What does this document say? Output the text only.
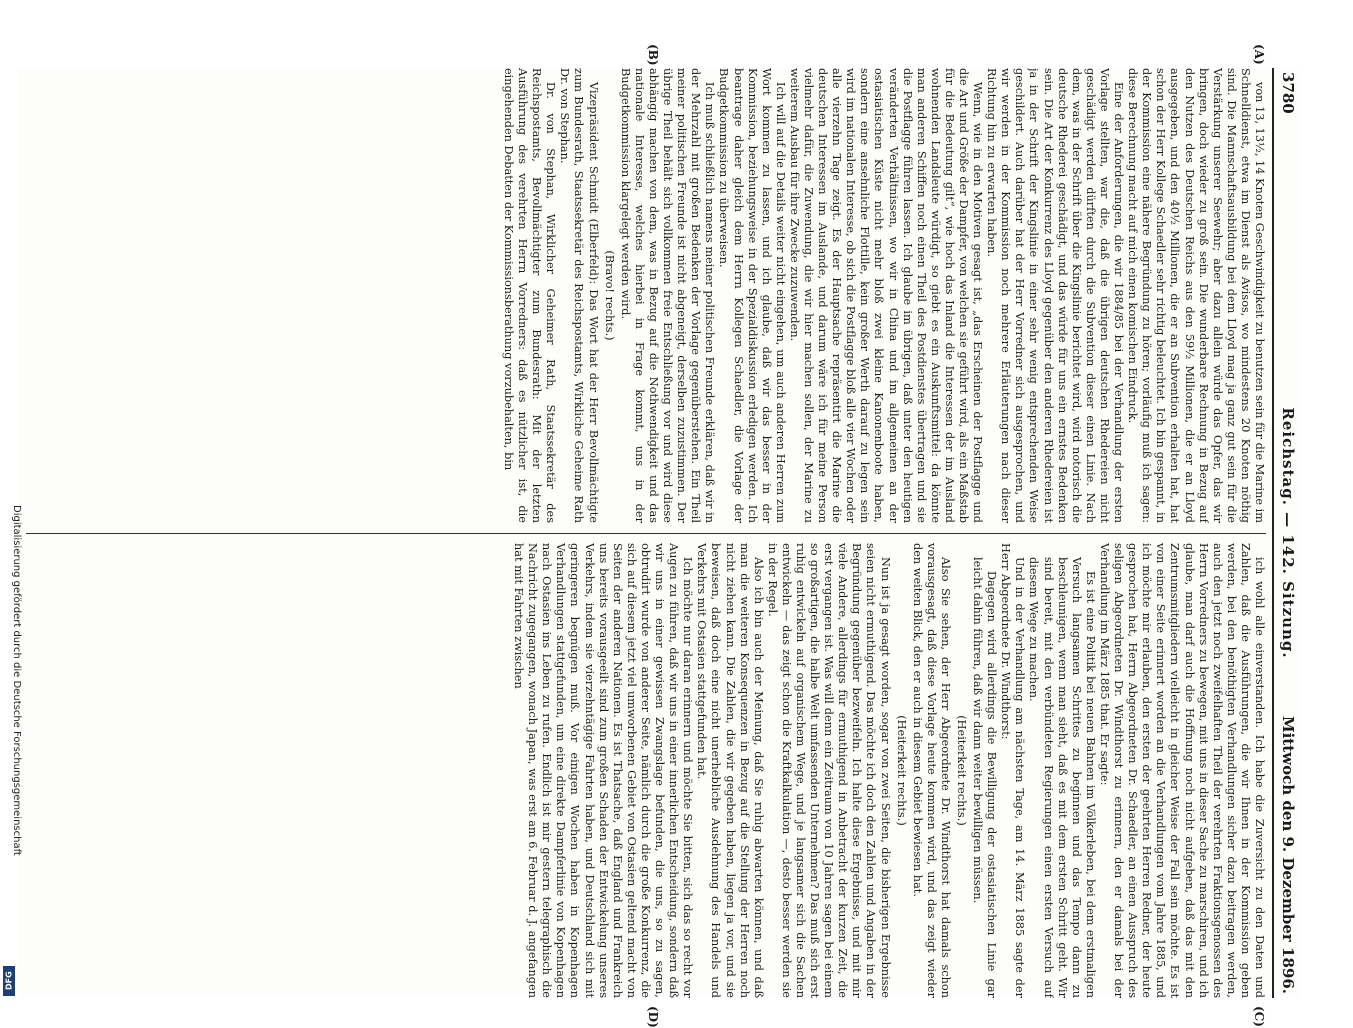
3780
Reichstag. — 142. Sitzung.
Mittwoch den 9. Dezember 1896.
(A)
(B)
(C)
(D)

von 13, 13½, 14 Knoten Geschwindigkeit zu benutzen sein für die Marine im Schnelldienst, etwa im Dienst als Avisos, wo mindestens 20 Knoten nöthig sind. Die Mannschaftsausbildung bei dem Lloyd mag ja ganz gut sein für die Verstärkung unserer Seewehr; aber dazu allein würde das Opfer, das wir bringen, doch wieder zu groß sein. Die wunderbare Rechnung in Bezug auf den Nutzen des Deutschen Reichs aus den 59½ Millionen, die er an Lloyd ausgegeben, und den 40½ Millionen, die er an Subvention erhalten hat, hat schon der Herr Kollege Schaedler sehr richtig beleuchtet. Ich bin gespannt, in der Kommission eine nähere Begründung zu hören; vorläufig muß ich sagen: diese Berechnung macht auf mich einen komischen Eindruck.

Eine der Anforderungen, die wir 1884/85 bei der Verhandlung der ersten Vorlage stellten, war die, daß die übrigen deutschen Rhedereien nicht geschädigt werden dürften durch die Subvention dieser einen Linie. Nach dem, was in der Schrift über die Kingslinie berichtet wird, wird notorisch die deutsche Rhederei geschädigt, und das würde für uns ein ernstes Bedenken sein. Die Art der Konkurrenz des Lloyd gegenüber den anderen Rhedereien ist ja in der Schrift der Kingslinie in einer sehr wenig entsprechenden Weise geschildert. Auch darüber hat der Herr Vorredner sich ausgesprochen, und wir werden in der Kommission noch mehrere Erläuterungen nach dieser Richtung hin zu erwarten haben.

Wenn, wie in den Motiven gesagt ist, „das Erscheinen der Postflagge und die Art und Größe der Dampfer, von welchen sie geführt wird, als ein Maßstab für die Bedeutung gilt“, wie hoch das Inland die Interessen der im Ausland wohnenden Landsleute würdigt, so giebt es ein Auskunftsmittel: da könnte man anderen Schiffen noch einen Theil des Postdienstes übertragen und sie die Postflagge führen lassen. Ich glaube im übrigen, daß unter den heutigen veränderten Verhältnissen, wo wir in China und im allgemeinen an der ostasiatischen Küste nicht mehr bloß zwei kleine Kanonenboote haben, sondern eine ansehnliche Flottille, kein großer Werth darauf zu legen sein wird im nationalen Interesse, ob sich die Postflagge bloß alle vier Wochen oder alle vierzehn Tage zeigt. Es der Hauptsache repräsentirt die Marine die deutschen Interessen im Auslande, und darum wäre ich für meine Person vielmehr dafür, die Zuwendung, die wir hier machen sollen, der Marine zu weiterem Ausbau für ihre Zwecke zuzuwenden.

Ich will auf die Details weiter nicht eingehen, um auch anderen Herren zum Wort kommen zu lassen, und ich glaube, daß wir das besser in der Kommission, beziehungsweise in der Spezialdiskussion erledigen werden. Ich beantrage daher gleich dem Herrn Kollegen Schaedler, die Vorlage der Budgetkommission zu überweisen.

Ich muß schließlich namens meiner politischen Freunde erklären, daß wir in der Mehrzahl mit großen Bedenken der Vorlage gegenüberstehen. Ein Theil meiner politischen Freunde ist nicht abgeneigt, derselben zuzustimmen. Der übrige Theil behält sich vollkommen freie Entschließung vor und wird diese abhängig machen von dem, was in Bezug auf die Nothwendigkeit und das nationale Interesse, welches hierbei in Frage kommt, uns in der Budgetkommission klargelegt werden wird.

(Bravo! rechts.)

Vizepräsident Schmidt (Elberfeld): Das Wort hat der Herr Bevollmächtigte zum Bundesrath, Staatssekretär des Reichspostamts, Wirkliche Geheime Rath Dr. von Stephan.

Dr. von Stephan, Wirklicher Geheimer Rath, Staatssekretär des Reichspostamts, Bevollmächtigter zum Bundesrath: Mit der letzten Ausführung des verehrten Herrn Vorredners: daß es nützlicher ist, die eingehenden Debatten der Kommissionsberathung vorzubehalten, bin

ich wohl alle einverstanden. Ich habe die Zuversicht zu den Daten und Zahlen, daß die Ausführungen, die wir Ihnen in der Kommission geben werden, bei den benöthigten Verhandlungen sicher dazu beitragen werden, auch den jetzt noch zweifelhaften Theil der verehrten Fraktionsgenossen des Herrn Vorredners zu bewegen, mit uns in dieser Sache zu marschiren, und ich glaube, man darf auch die Hoffnung noch nicht aufgeben, daß das mit den Zentrumsmitgliedern vielleicht in gleicher Weise der Fall sein möchte. Es ist von einer Seite erinnert worden an die Verhandlungen vom Jahre 1885, und ich möchte mir erlauben, den ersten der geehrten Herren Redner, der heute gesprochen hat, Herrn Abgeordneten Dr. Schaedler, an einen Ausspruch des seligen Abgeordneten Dr. Windthorst zu erinnern, den er damals bei der Verhandlung im März 1885 that. Er sagte:

Es ist eine Politik bei neuen Bahnen im Völkerleben, bei dem erstmaligen Versuch langsamen Schrittes zu beginnen und das Tempo dann zu beschleunigen, wenn man sieht, daß es mit dem ersten Schritt geht. Wir sind bereit, mit den verbündeten Regierungen einen ersten Versuch auf diesem Wege zu machen.

Und in der Verhandlung am nächsten Tage, am 14. März 1885 sagte der Herr Abgeordnete Dr. Windthorst:

Dagegen wird allerdings die Bewilligung der ostasiatischen Linie gar leicht dahin führen, daß wir dann weiter bewilligen müssen.

(Heiterkeit rechts.)

Also Sie sehen, der Herr Abgeordnete Dr. Windthorst hat damals schon vorausgesagt, daß diese Vorlage heute kommen wird, und das zeigt wieder den weiten Blick, den er auch in diesem Gebiet bewiesen hat.

(Heiterkeit rechts.)

Nun ist ja gesagt worden, sogar von zwei Seiten, die bisherigen Ergebnisse seien nicht ermuthigend. Das möchte ich doch den Zahlen und Angaben in der Begründung gegenüber bezweifeln. Ich halte diese Ergebnisse, und mit mir viele Andere, allerdings für ermuthigend in Anbetracht der kurzen Zeit, die erst vergangen ist. Was will denn ein Zeitraum von 10 Jahren sagen bei einem so großartigen, die halbe Welt umfassenden Unternehmen? Das muß sich erst ruhig entwickeln auf organischem Wege, und je langsamer sich die Sachen entwickeln — das zeigt schon die Kraftkalkulation —, desto besser werden sie in der Regel.

Also ich bin auch der Meinung, daß Sie ruhig abwarten können, und daß man die weiteren Konsequenzen in Bezug auf die Stellung der Herren noch nicht ziehen kann. Die Zahlen, die wir gegeben haben, liegen ja vor, und sie beweisen, daß doch eine nicht unerhebliche Ausdehnung des Handels und Verkehrs mit Ostasien stattgefunden hat.

Ich möchte nur daran erinnern und möchte Sie bitten, sich das so recht vor Augen zu führen, daß wir uns in einer innerlichen Entscheidung, sondern daß wir uns in einer gewissen Zwangslage befunden, die uns, so zu sagen, obtrudirt wurde von anderer Seite, nämlich durch die große Konkurrenz, die sich auf diesem jetzt viel umworbenen Gebiet von Ostasien geltend macht von Seiten der anderen Nationen. Es ist Thatsache, daß England und Frankreich uns bereits vorausgeeilt sind zum großen Schaden der Entwickelung unseres Verkehrs, indem sie vierzehntägige Fahrten haben, und Deutschland sich mit geringeren begnügen muß. Vor einigen Wochen haben in Kopenhagen Verhandlungen stattgefunden, um eine direkte Dampferlinie von Kopenhagen nach Ostasien ins Leben zu rufen. Endlich ist mir gestern telegraphisch die Nachricht zugegangen, wonach Japan, was erst am 6. Februar d. J. angefangen hat mit Fahrten zwischen

Digitalisierung gefördert durch die Deutsche Forschungsgemeinschaft
DFG
